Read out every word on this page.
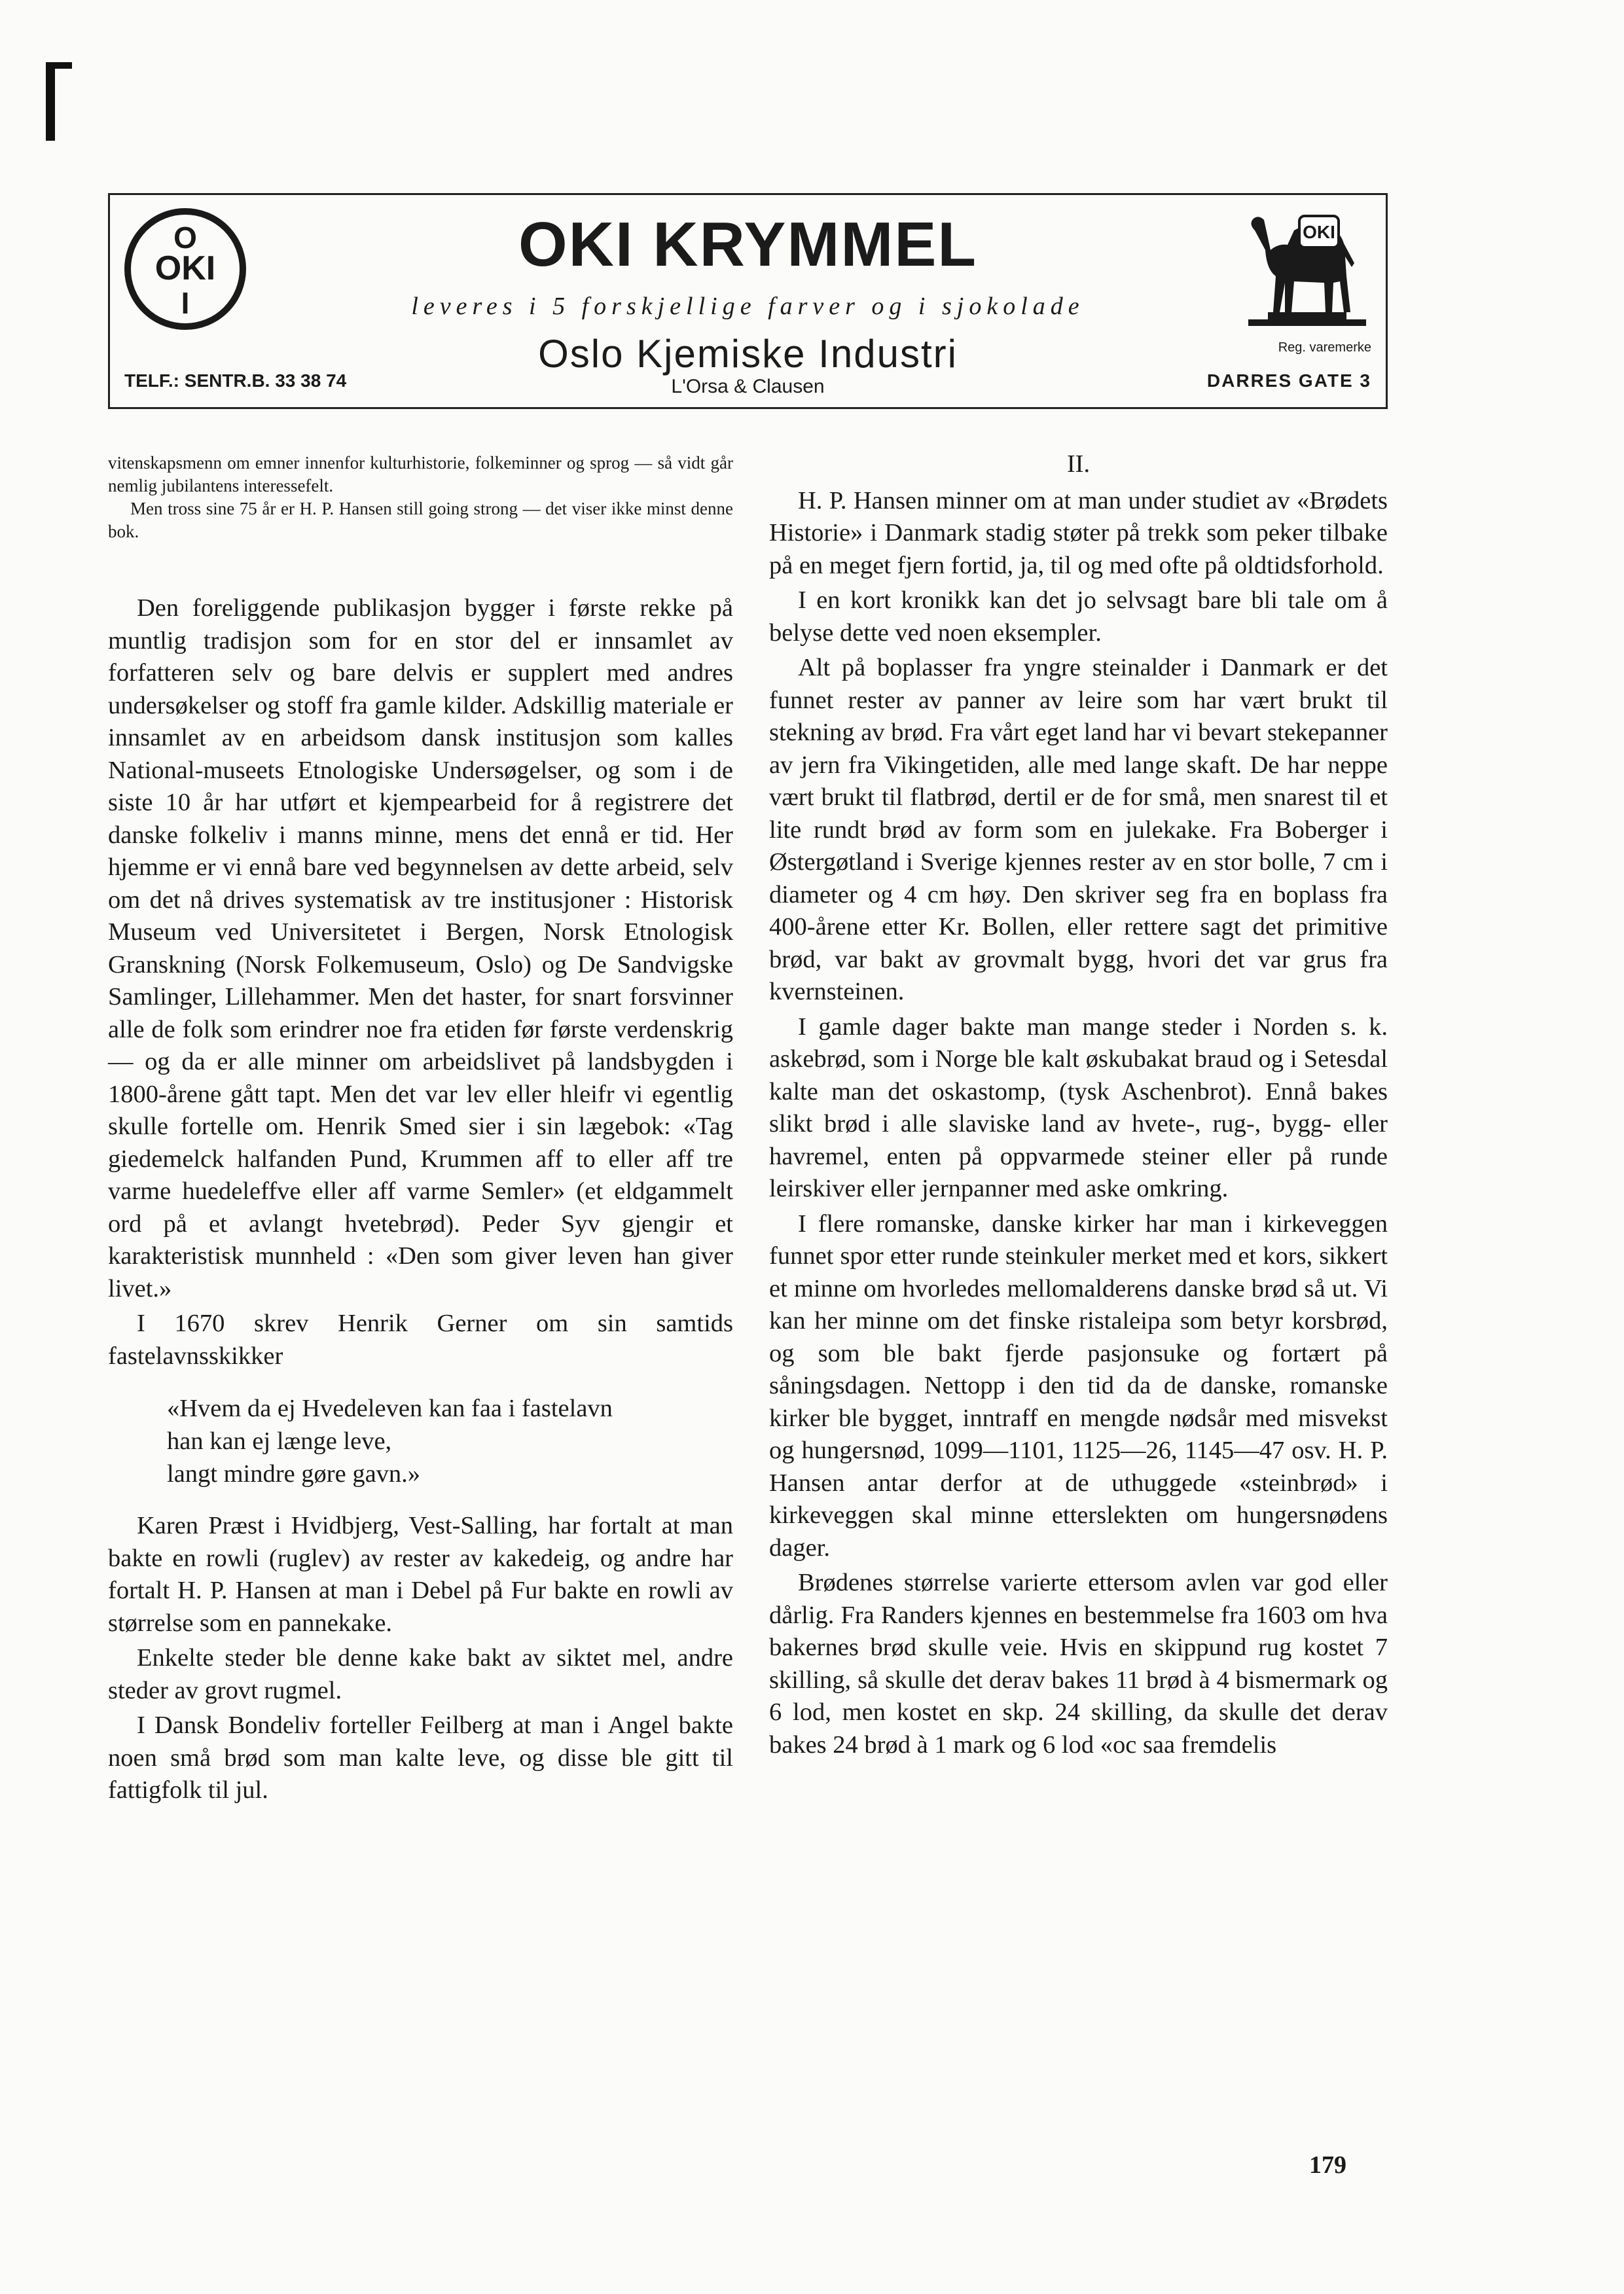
O
OKI
I
TELF.: SENTR.B. 33 38 74
OKI KRYMMEL
leveres i 5 forskjellige farver og i sjokolade
Oslo Kjemiske Industri
L'Orsa & Clausen
OKI
Reg. varemerke
DARRES GATE 3

vitenskapsmenn om emner innenfor kulturhistorie, folkeminner og sprog — så vidt går nemlig jubilantens interessefelt.

Men tross sine 75 år er H. P. Hansen still going strong — det viser ikke minst denne bok.

Den foreliggende publikasjon bygger i første rekke på muntlig tradisjon som for en stor del er innsamlet av forfatteren selv og bare delvis er supplert med andres undersøkelser og stoff fra gamle kilder. Adskillig materiale er innsamlet av en arbeidsom dansk institusjon som kalles National-museets Etnologiske Undersøgelser, og som i de siste 10 år har utført et kjempearbeid for å registrere det danske folkeliv i manns minne, mens det ennå er tid. Her hjemme er vi ennå bare ved begynnelsen av dette arbeid, selv om det nå drives systematisk av tre institusjoner : Historisk Museum ved Universitetet i Bergen, Norsk Etnologisk Granskning (Norsk Folkemuseum, Oslo) og De Sandvigske Samlinger, Lillehammer. Men det haster, for snart forsvinner alle de folk som erindrer noe fra etiden før første verdenskrig — og da er alle minner om arbeidslivet på landsbygden i 1800-årene gått tapt. Men det var lev eller hleifr vi egentlig skulle fortelle om. Henrik Smed sier i sin lægebok: «Tag giedemelck halfanden Pund, Krummen aff to eller aff tre varme huedeleffve eller aff varme Semler» (et eldgammelt ord på et avlangt hvetebrød). Peder Syv gjengir et karakteristisk munnheld : «Den som giver leven han giver livet.»

I 1670 skrev Henrik Gerner om sin samtids fastelavnsskikker

«Hvem da ej Hvedeleven kan faa i fastelavn
han kan ej længe leve,
langt mindre gøre gavn.»

Karen Præst i Hvidbjerg, Vest-Salling, har fortalt at man bakte en rowli (ruglev) av rester av kakedeig, og andre har fortalt H. P. Hansen at man i Debel på Fur bakte en rowli av størrelse som en pannekake.

Enkelte steder ble denne kake bakt av siktet mel, andre steder av grovt rugmel.

I Dansk Bondeliv forteller Feilberg at man i Angel bakte noen små brød som man kalte leve, og disse ble gitt til fattigfolk til jul.

II.

H. P. Hansen minner om at man under studiet av «Brødets Historie» i Danmark stadig støter på trekk som peker tilbake på en meget fjern fortid, ja, til og med ofte på oldtidsforhold.

I en kort kronikk kan det jo selvsagt bare bli tale om å belyse dette ved noen eksempler.

Alt på boplasser fra yngre steinalder i Danmark er det funnet rester av panner av leire som har vært brukt til stekning av brød. Fra vårt eget land har vi bevart stekepanner av jern fra Vikingetiden, alle med lange skaft. De har neppe vært brukt til flatbrød, dertil er de for små, men snarest til et lite rundt brød av form som en julekake. Fra Boberger i Østergøtland i Sverige kjennes rester av en stor bolle, 7 cm i diameter og 4 cm høy. Den skriver seg fra en boplass fra 400-årene etter Kr. Bollen, eller rettere sagt det primitive brød, var bakt av grovmalt bygg, hvori det var grus fra kvernsteinen.

I gamle dager bakte man mange steder i Norden s. k. askebrød, som i Norge ble kalt øskubakat braud og i Setesdal kalte man det oskastomp, (tysk Aschenbrot). Ennå bakes slikt brød i alle slaviske land av hvete-, rug-, bygg- eller havremel, enten på oppvarmede steiner eller på runde leirskiver eller jernpanner med aske omkring.

I flere romanske, danske kirker har man i kirkeveggen funnet spor etter runde steinkuler merket med et kors, sikkert et minne om hvorledes mellomalderens danske brød så ut. Vi kan her minne om det finske ristaleipa som betyr korsbrød, og som ble bakt fjerde pasjonsuke og fortært på såningsdagen. Nettopp i den tid da de danske, romanske kirker ble bygget, inntraff en mengde nødsår med misvekst og hungersnød, 1099—1101, 1125—26, 1145—47 osv. H. P. Hansen antar derfor at de uthuggede «steinbrød» i kirkeveggen skal minne etterslekten om hungersnødens dager.

Brødenes størrelse varierte ettersom avlen var god eller dårlig. Fra Randers kjennes en bestemmelse fra 1603 om hva bakernes brød skulle veie. Hvis en skippund rug kostet 7 skilling, så skulle det derav bakes 11 brød à 4 bismermark og 6 lod, men kostet en skp. 24 skilling, da skulle det derav bakes 24 brød à 1 mark og 6 lod «oc saa fremdelis

179
